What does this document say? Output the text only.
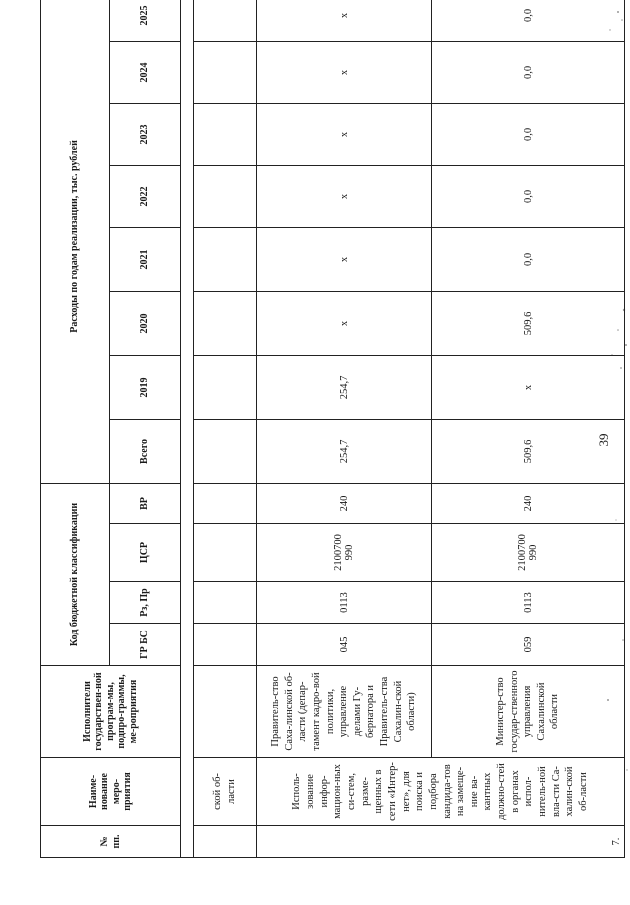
39
№ пп.	Наиме-нование меро-приятия	Исполнители государствен-ной програм-мы, подпро-граммы, ме-роприятия	Код бюджетной классификации				Расходы по годам реализации, тыс. рублей							
			ГР БС	Рз, Пр	ЦСР	ВР	Всего	2019	2020	2021	2022	2023	2024	2025

	ской об-ласти													
7.	Исполь-зование инфор-мацион-ных си-стем, разме-щенных в сети «Интер-нет», для поиска и подбора кандида-тов на замеще-ние ва-кантных должно-стей в органах испол-нитель-ной вла-сти Са-халин-ской об-ласти	Правитель-ство Саха-линской об-ласти (депар-тамент кадро-вой политики, управление делами Гу-бернатора и Правитель-ства Сахалин-ской области)	045	0113	2100700 990	240	254,7	254,7	x	x	x	x	x	x
		Министер-ство государ-ственного управления Сахалинской области	059	0113	2100700 990	240	509,6	x	509,6	0,0	0,0	0,0	0,0	0,0
